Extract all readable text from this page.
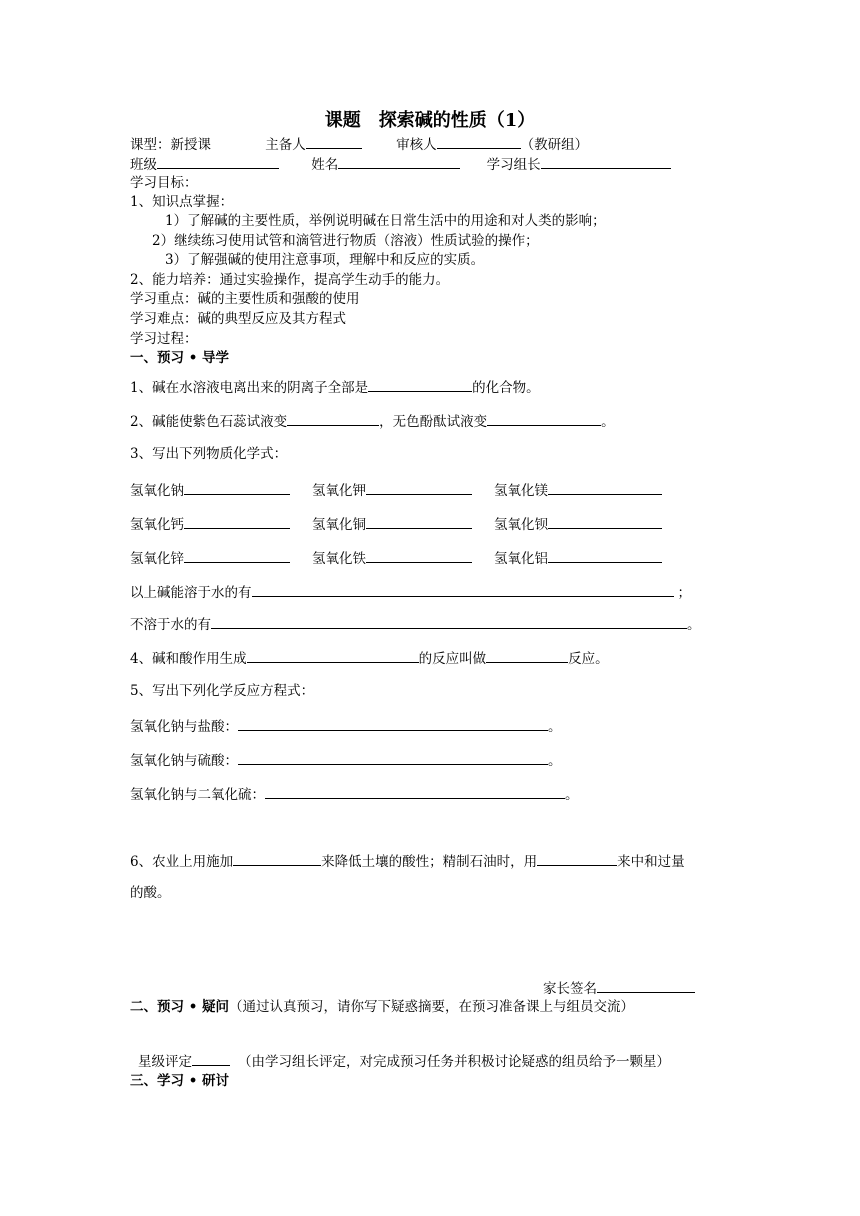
课题　探索碱的性质（1）
课型：新授课	主备人	审核人	（教研组）
班级	姓名	学习组长
学习目标：
1、知识点掌握：
1）了解碱的主要性质，举例说明碱在日常生活中的用途和对人类的影响；
2）继续练习使用试管和滴管进行物质（溶液）性质试验的操作；
3）了解强碱的使用注意事项，理解中和反应的实质。
2、能力培养：通过实验操作，提高学生动手的能力。
学习重点：碱的主要性质和强酸的使用
学习难点：碱的典型反应及其方程式
学习过程：
一、预习 • 导学
1、碱在水溶液电离出来的阴离子全部是	的化合物。
2、碱能使紫色石蕊试液变	，无色酚酞试液变	。
3、写出下列物质化学式：
氢氧化钠	氢氧化钾	氢氧化镁
氢氧化钙	氢氧化铜	氢氧化钡
氢氧化锌	氢氧化铁	氢氧化铝
以上碱能溶于水的有	；
不溶于水的有	。
4、碱和酸作用生成	的反应叫做	反应。
5、写出下列化学反应方程式：
氢氧化钠与盐酸：	。
氢氧化钠与硫酸：	。
氢氧化钠与二氧化硫：	。
6、农业上用施加	来降低土壤的酸性；精制石油时，用	来中和过量
的酸。
家长签名
二、预习 • 疑问（通过认真预习，请你写下疑惑摘要，在预习准备课上与组员交流）
星级评定	（由学习组长评定，对完成预习任务并积极讨论疑惑的组员给予一颗星）
三、学习 • 研讨
